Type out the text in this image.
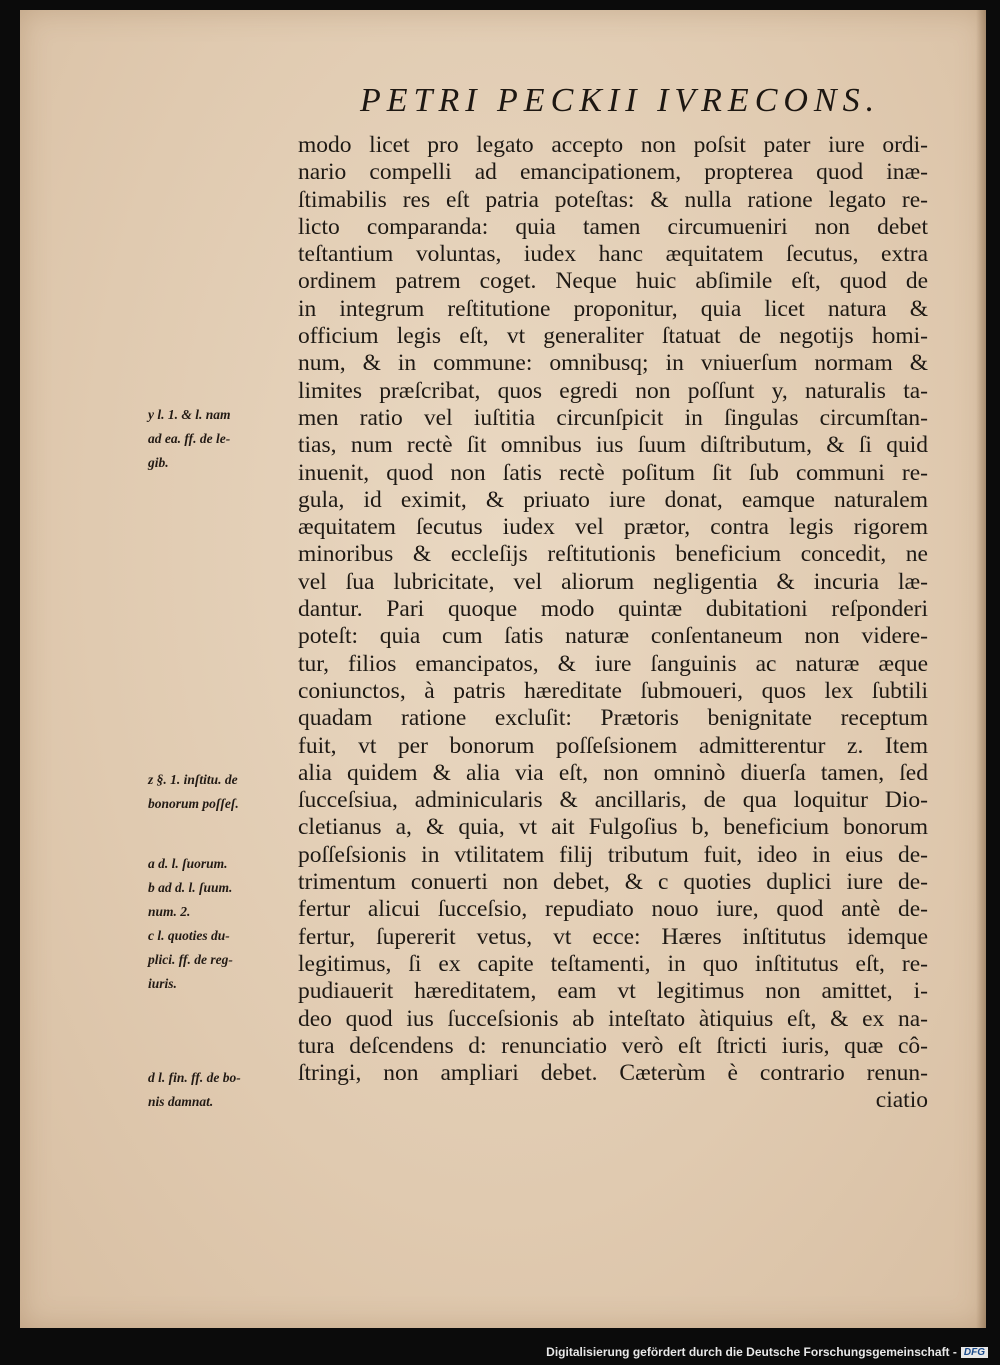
PETRI PECKII IVRECONS.
modo licet pro legato accepto non poſsit pater iure ordi-
nario compelli ad emancipationem, propterea quod inæ-
ſtimabilis res eſt patria poteſtas: & nulla ratione legato re-
licto comparanda: quia tamen circumueniri non debet
teſtantium voluntas, iudex hanc æquitatem ſecutus, extra
ordinem patrem coget. Neque huic abſimile eſt, quod de
in integrum reſtitutione proponitur, quia licet natura &
officium legis eſt, vt generaliter ſtatuat de negotijs homi-
num, & in commune: omnibusq; in vniuerſum normam &
limites præſcribat, quos egredi non poſſunt y, naturalis ta-
men ratio vel iuſtitia circunſpicit in ſingulas circumſtan-
tias, num rectè ſit omnibus ius ſuum diſtributum, & ſi quid
inuenit, quod non ſatis rectè poſitum ſit ſub communi re-
gula, id eximit, & priuato iure donat, eamque naturalem
æquitatem ſecutus iudex vel prætor, contra legis rigorem
minoribus & eccleſijs reſtitutionis beneficium concedit, ne
vel ſua lubricitate, vel aliorum negligentia & incuria læ-
dantur. Pari quoque modo quintæ dubitationi reſponderi
poteſt: quia cum ſatis naturæ conſentaneum non videre-
tur, filios emancipatos, & iure ſanguinis ac naturæ æque
coniunctos, à patris hæreditate ſubmoueri, quos lex ſubtili
quadam ratione excluſit: Prætoris benignitate receptum
fuit, vt per bonorum poſſeſsionem admitterentur z. Item
alia quidem & alia via eſt, non omninò diuerſa tamen, ſed
ſucceſsiua, adminicularis & ancillaris, de qua loquitur Dio-
cletianus a, & quia, vt ait Fulgoſius b, beneficium bonorum
poſſeſsionis in vtilitatem filij tributum fuit, ideo in eius de-
trimentum conuerti non debet, & c quoties duplici iure de-
fertur alicui ſucceſsio, repudiato nouo iure, quod antè de-
fertur, ſupererit vetus, vt ecce: Hæres inſtitutus idemque
legitimus, ſi ex capite teſtamenti, in quo inſtitutus eſt, re-
pudiauerit hæreditatem, eam vt legitimus non amittet, i-
deo quod ius ſucceſsionis ab inteſtato àtiquius eſt, & ex na-
tura deſcendens d: renunciatio verò eſt ſtricti iuris, quæ cô-
ſtringi, non ampliari debet. Cæterùm è contrario renun-
ciatio
y l. 1. & l. nam
ad ea. ff. de le-
gib.
z §. 1. inſtitu. de
bonorum poſſeſ.
a d. l. ſuorum.
b ad d. l. ſuum.
num. 2.
c l. quoties du-
plici. ff. de reg-
iuris.
d l. fin. ff. de bo-
nis damnat.
Digitalisierung gefördert durch die Deutsche Forschungsgemeinschaft - DFG
